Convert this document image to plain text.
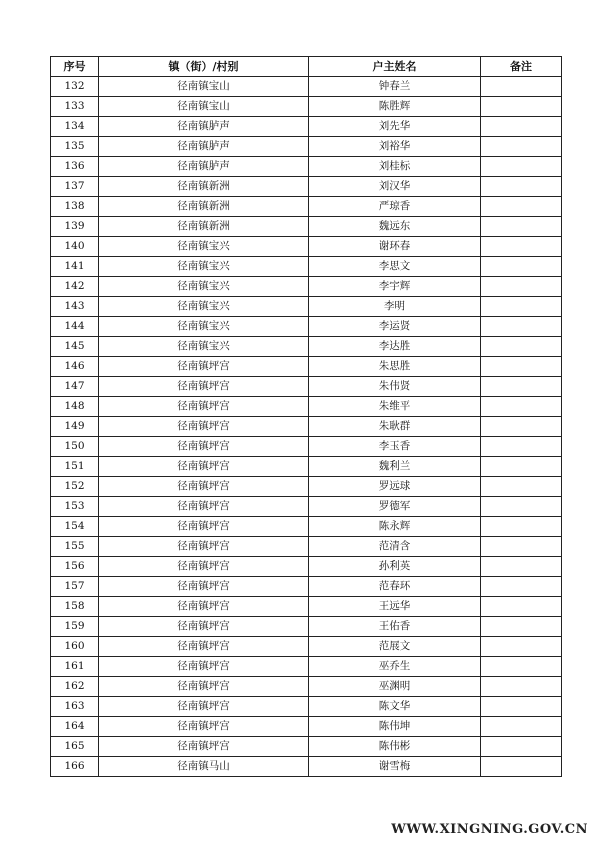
序号	镇（街）/村别	户主姓名	备注
132	径南镇宝山	钟春兰	
133	径南镇宝山	陈胜辉	
134	径南镇胪声	刘先华	
135	径南镇胪声	刘裕华	
136	径南镇胪声	刘桂标	
137	径南镇新洲	刘汉华	
138	径南镇新洲	严琼香	
139	径南镇新洲	魏远东	
140	径南镇宝兴	谢环春	
141	径南镇宝兴	李思文	
142	径南镇宝兴	李宇辉	
143	径南镇宝兴	李明	
144	径南镇宝兴	李运贤	
145	径南镇宝兴	李达胜	
146	径南镇坪宫	朱思胜	
147	径南镇坪宫	朱伟贤	
148	径南镇坪宫	朱维平	
149	径南镇坪宫	朱耿群	
150	径南镇坪宫	李玉香	
151	径南镇坪宫	魏利兰	
152	径南镇坪宫	罗远球	
153	径南镇坪宫	罗德军	
154	径南镇坪宫	陈永辉	
155	径南镇坪宫	范清含	
156	径南镇坪宫	孙利英	
157	径南镇坪宫	范春环	
158	径南镇坪宫	王远华	
159	径南镇坪宫	王佑香	
160	径南镇坪宫	范展文	
161	径南镇坪宫	巫乔生	
162	径南镇坪宫	巫渊明	
163	径南镇坪宫	陈文华	
164	径南镇坪宫	陈伟坤	
165	径南镇坪宫	陈伟彬	
166	径南镇马山	谢雪梅	
WWW.XINGNING.GOV.CN
